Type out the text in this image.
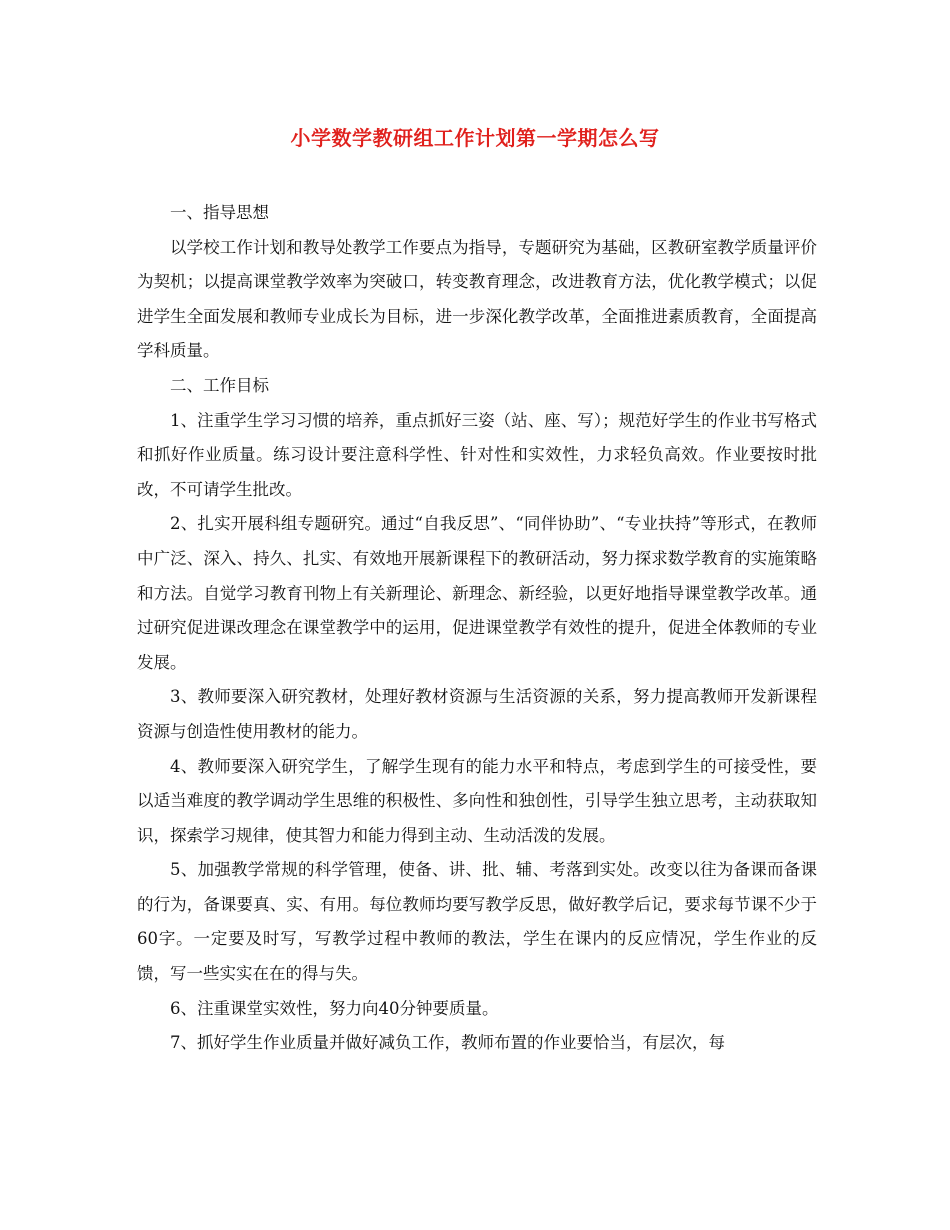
小学数学教研组工作计划第一学期怎么写

一、指导思想

以学校工作计划和教导处教学工作要点为指导，专题研究为基础，区教研室教学质量评价为契机；以提高课堂教学效率为突破口，转变教育理念，改进教育方法，优化教学模式；以促进学生全面发展和教师专业成长为目标，进一步深化教学改革，全面推进素质教育，全面提高学科质量。

二、工作目标

1、注重学生学习习惯的培养，重点抓好三姿（站、座、写）；规范好学生的作业书写格式和抓好作业质量。练习设计要注意科学性、针对性和实效性，力求轻负高效。作业要按时批改，不可请学生批改。

2、扎实开展科组专题研究。通过“自我反思”、“同伴协助”、“专业扶持”等形式，在教师中广泛、深入、持久、扎实、有效地开展新课程下的教研活动，努力探求数学教育的实施策略和方法。自觉学习教育刊物上有关新理论、新理念、新经验，以更好地指导课堂教学改革。通过研究促进课改理念在课堂教学中的运用，促进课堂教学有效性的提升，促进全体教师的专业发展。

3、教师要深入研究教材，处理好教材资源与生活资源的关系，努力提高教师开发新课程资源与创造性使用教材的能力。

4、教师要深入研究学生，了解学生现有的能力水平和特点，考虑到学生的可接受性，要以适当难度的教学调动学生思维的积极性、多向性和独创性，引导学生独立思考，主动获取知识，探索学习规律，使其智力和能力得到主动、生动活泼的发展。

5、加强教学常规的科学管理，使备、讲、批、辅、考落到实处。改变以往为备课而备课的行为，备课要真、实、有用。每位教师均要写教学反思，做好教学后记，要求每节课不少于60字。一定要及时写，写教学过程中教师的教法，学生在课内的反应情况，学生作业的反馈，写一些实实在在的得与失。

6、注重课堂实效性，努力向40分钟要质量。

7、抓好学生作业质量并做好减负工作，教师布置的作业要恰当，有层次，每
